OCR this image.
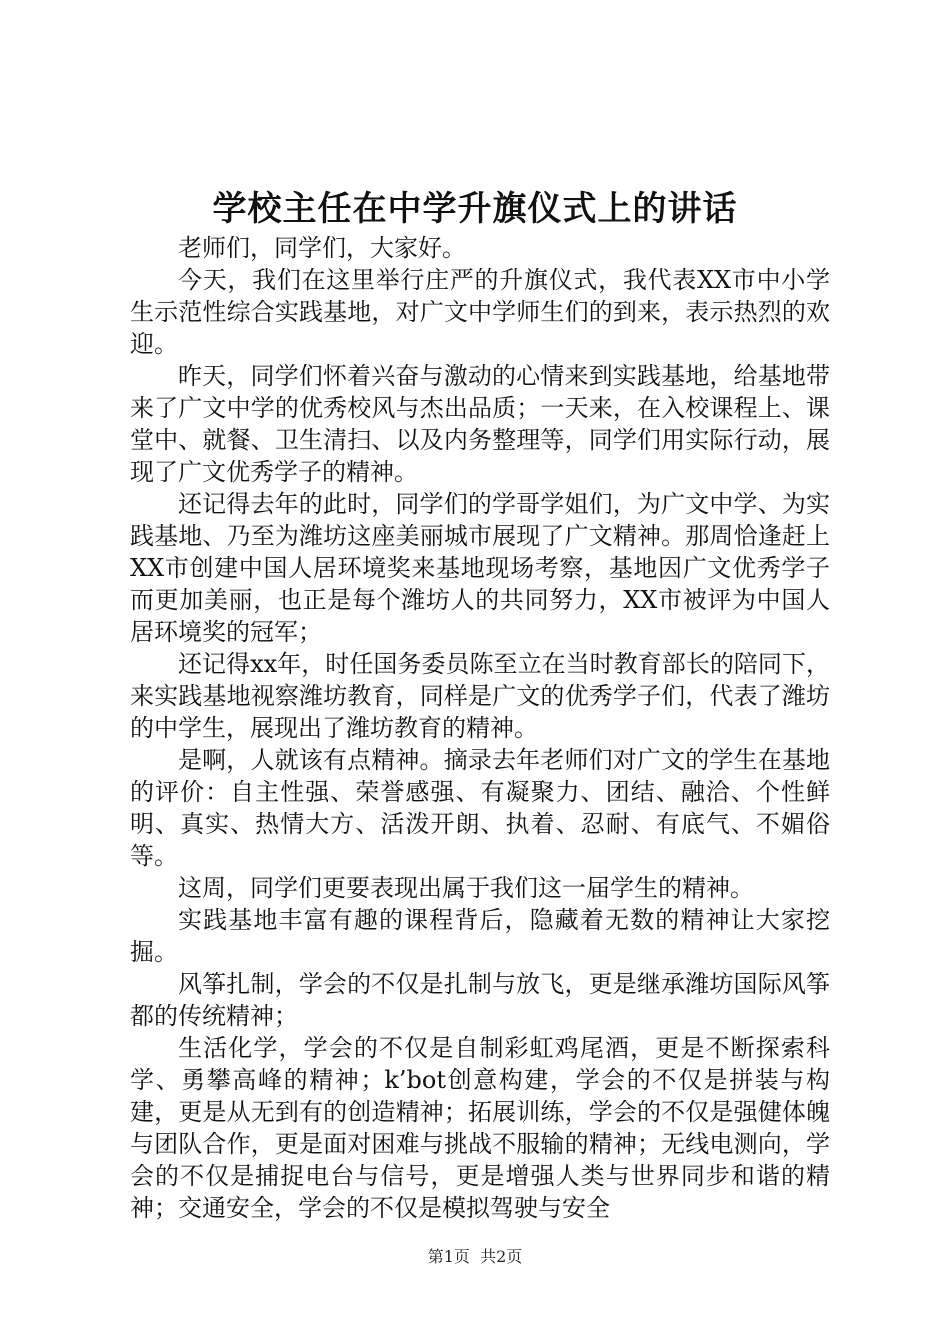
学校主任在中学升旗仪式上的讲话

老师们，同学们，大家好。

今天，我们在这里举行庄严的升旗仪式，我代表XX市中小学生示范性综合实践基地，对广文中学师生们的到来，表示热烈的欢迎。

昨天，同学们怀着兴奋与激动的心情来到实践基地，给基地带来了广文中学的优秀校风与杰出品质；一天来，在入校课程上、课堂中、就餐、卫生清扫、以及内务整理等，同学们用实际行动，展现了广文优秀学子的精神。

还记得去年的此时，同学们的学哥学姐们，为广文中学、为实践基地、乃至为潍坊这座美丽城市展现了广文精神。那周恰逢赶上XX市创建中国人居环境奖来基地现场考察，基地因广文优秀学子而更加美丽，也正是每个潍坊人的共同努力，XX市被评为中国人居环境奖的冠军；

还记得xx年，时任国务委员陈至立在当时教育部长的陪同下，来实践基地视察潍坊教育，同样是广文的优秀学子们，代表了潍坊的中学生，展现出了潍坊教育的精神。

是啊，人就该有点精神。摘录去年老师们对广文的学生在基地的评价：自主性强、荣誉感强、有凝聚力、团结、融洽、个性鲜明、真实、热情大方、活泼开朗、执着、忍耐、有底气、不媚俗等。

这周，同学们更要表现出属于我们这一届学生的精神。

实践基地丰富有趣的课程背后，隐藏着无数的精神让大家挖掘。

风筝扎制，学会的不仅是扎制与放飞，更是继承潍坊国际风筝都的传统精神；

生活化学，学会的不仅是自制彩虹鸡尾酒，更是不断探索科学、勇攀高峰的精神；k’bot创意构建，学会的不仅是拼装与构建，更是从无到有的创造精神；拓展训练，学会的不仅是强健体魄与团队合作，更是面对困难与挑战不服输的精神；无线电测向，学会的不仅是捕捉电台与信号，更是增强人类与世界同步和谐的精神；交通安全，学会的不仅是模拟驾驶与安全

第1页  共2页
